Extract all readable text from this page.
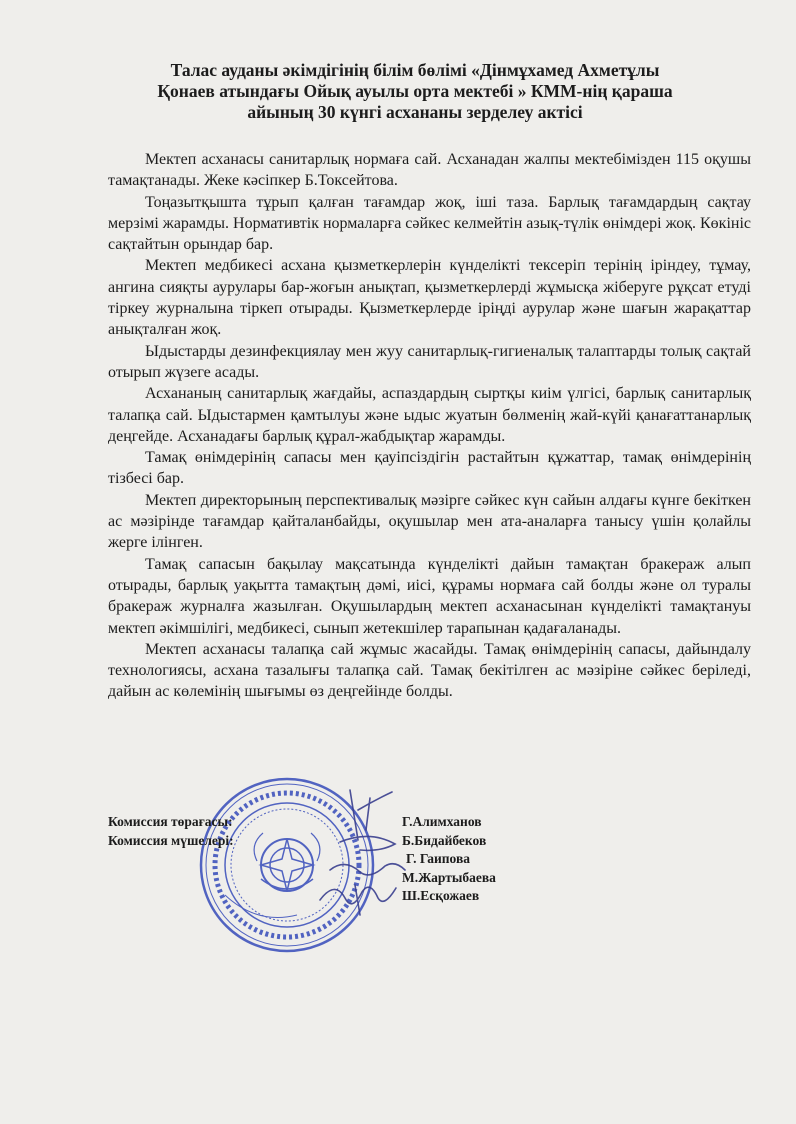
Талас ауданы әкімдігінің білім бөлімі «Дінмұхамед Ахметұлы
Қонаев атындағы Ойық ауылы орта мектебі » КММ-нің қараша
айының 30 күнгі асхананы зерделеу актісі

Мектеп асханасы санитарлық нормаға сай. Асханадан жалпы мектебімізден 115 оқушы тамақтанады. Жеке кәсіпкер Б.Токсейтова.

Тоңазытқышта тұрып қалған тағамдар жоқ, іші таза. Барлық тағамдардың сақтау мерзімі жарамды. Нормативтік нормаларға сәйкес келмейтін азық-түлік өнімдері жоқ. Көкініс сақтайтын орындар бар.

Мектеп медбикесі асхана қызметкерлерін күнделікті тексеріп терінің іріндеу, тұмау, ангина сияқты аурулары бар-жоғын анықтап, қызметкерлерді жұмысқа жіберуге рұқсат етуді тіркеу журналына тіркеп отырады. Қызметкерлерде іріңді аурулар және шағын жарақаттар анықталған жоқ.

Ыдыстарды дезинфекциялау мен жуу санитарлық-гигиеналық талаптарды толық сақтай отырып жүзеге асады.

Асхананың санитарлық жағдайы, аспаздардың сыртқы киім үлгісі, барлық санитарлық талапқа сай. Ыдыстармен қамтылуы және ыдыс жуатын бөлменің жай-күйі қанағаттанарлық деңгейде. Асханадағы барлық құрал-жабдықтар жарамды.

Тамақ өнімдерінің сапасы мен қауіпсіздігін растайтын құжаттар, тамақ өнімдерінің тізбесі бар.

Мектеп директорының перспективалық мәзірге сәйкес күн сайын алдағы күнге бекіткен ас мәзірінде тағамдар қайталанбайды, оқушылар мен ата-аналарға танысу үшін қолайлы жерге ілінген.

Тамақ сапасын бақылау мақсатында күнделікті дайын тамақтан бракераж алып отырады, барлық уақытта тамақтың дәмі, иісі, құрамы нормаға сай болды және ол туралы бракераж журналға жазылған. Оқушылардың мектеп асханасынан күнделікті тамақтануы мектеп әкімшілігі, медбикесі, сынып жетекшілер тарапынан қадағаланады.

Мектеп асханасы талапқа сай жұмыс жасайды. Тамақ өнімдерінің сапасы, дайындалу технологиясы, асхана тазалығы талапқа сай. Тамақ бекітілген ас мәзіріне сәйкес беріледі, дайын ас көлемінің шығымы өз деңгейінде болды.

Комиссия төрағасы:
Комиссия мүшелері:
Г.Алимханов
Б.Бидайбеков
Г. Гаипова
М.Жартыбаева
Ш.Есқожаев
